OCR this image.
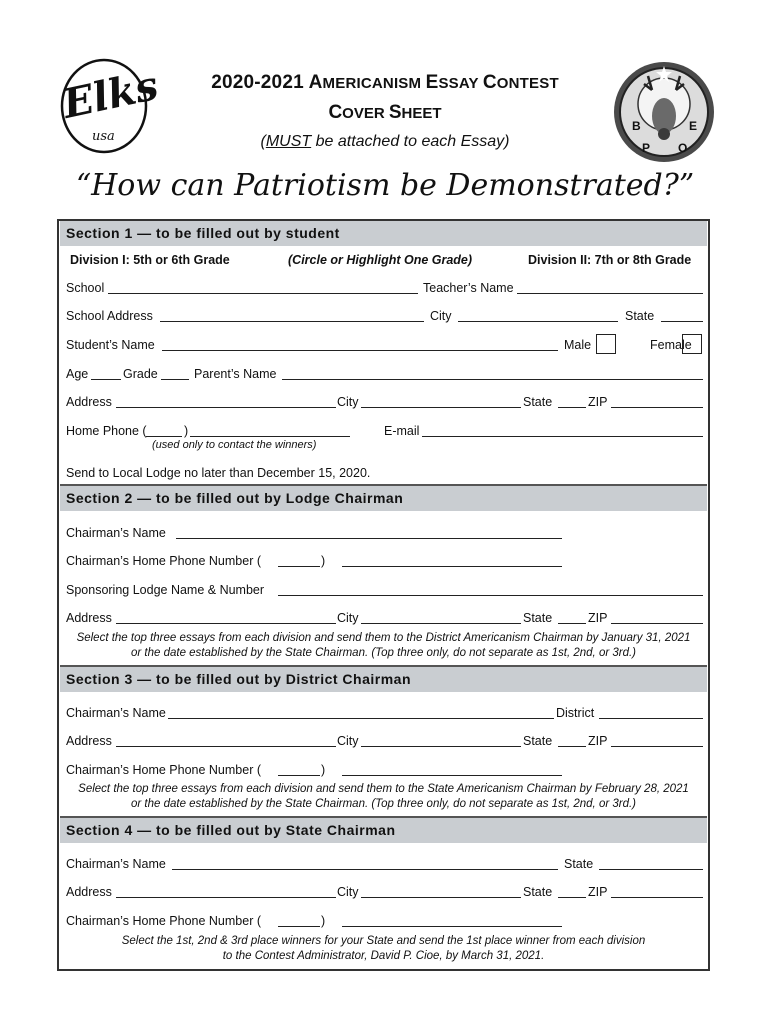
Elks
usa
B
P O
E
2020-2021 AMERICANISM ESSAY CONTEST
COVER SHEET
(MUST be attached to each Essay)
“How can Patriotism be Demonstrated?”
Section 1 — to be filled out by student
Division I: 5th or 6th Grade	(Circle or Highlight One Grade)	Division II: 7th or 8th Grade
School	Teacher’s Name
School Address	City	State
Student’s Name	Male	Female
Age	Grade	Parent’s Name
Address	City	State	ZIP
Home Phone (	)	E-mail
(used only to contact the winners)
Send to Local Lodge no later than December 15, 2020.
Section 2 — to be filled out by Lodge Chairman
Chairman’s Name
Chairman’s Home Phone Number (	)
Sponsoring Lodge Name & Number
Address	City	State	ZIP
Select the top three essays from each division and send them to the District Americanism Chairman by January 31, 2021
or the date established by the State Chairman. (Top three only, do not separate as 1st, 2nd, or 3rd.)
Section 3 — to be filled out by District Chairman
Chairman’s Name	District
Address	City	State	ZIP
Chairman’s Home Phone Number (	)
Select the top three essays from each division and send them to the State Americanism Chairman by February 28, 2021
or the date established by the State Chairman. (Top three only, do not separate as 1st, 2nd, or 3rd.)
Section 4 — to be filled out by State Chairman
Chairman’s Name	State
Address	City	State	ZIP
Chairman’s Home Phone Number (	)
Select the 1st, 2nd & 3rd place winners for your State and send the 1st place winner from each division
to the Contest Administrator, David P. Cioe, by March 31, 2021.
